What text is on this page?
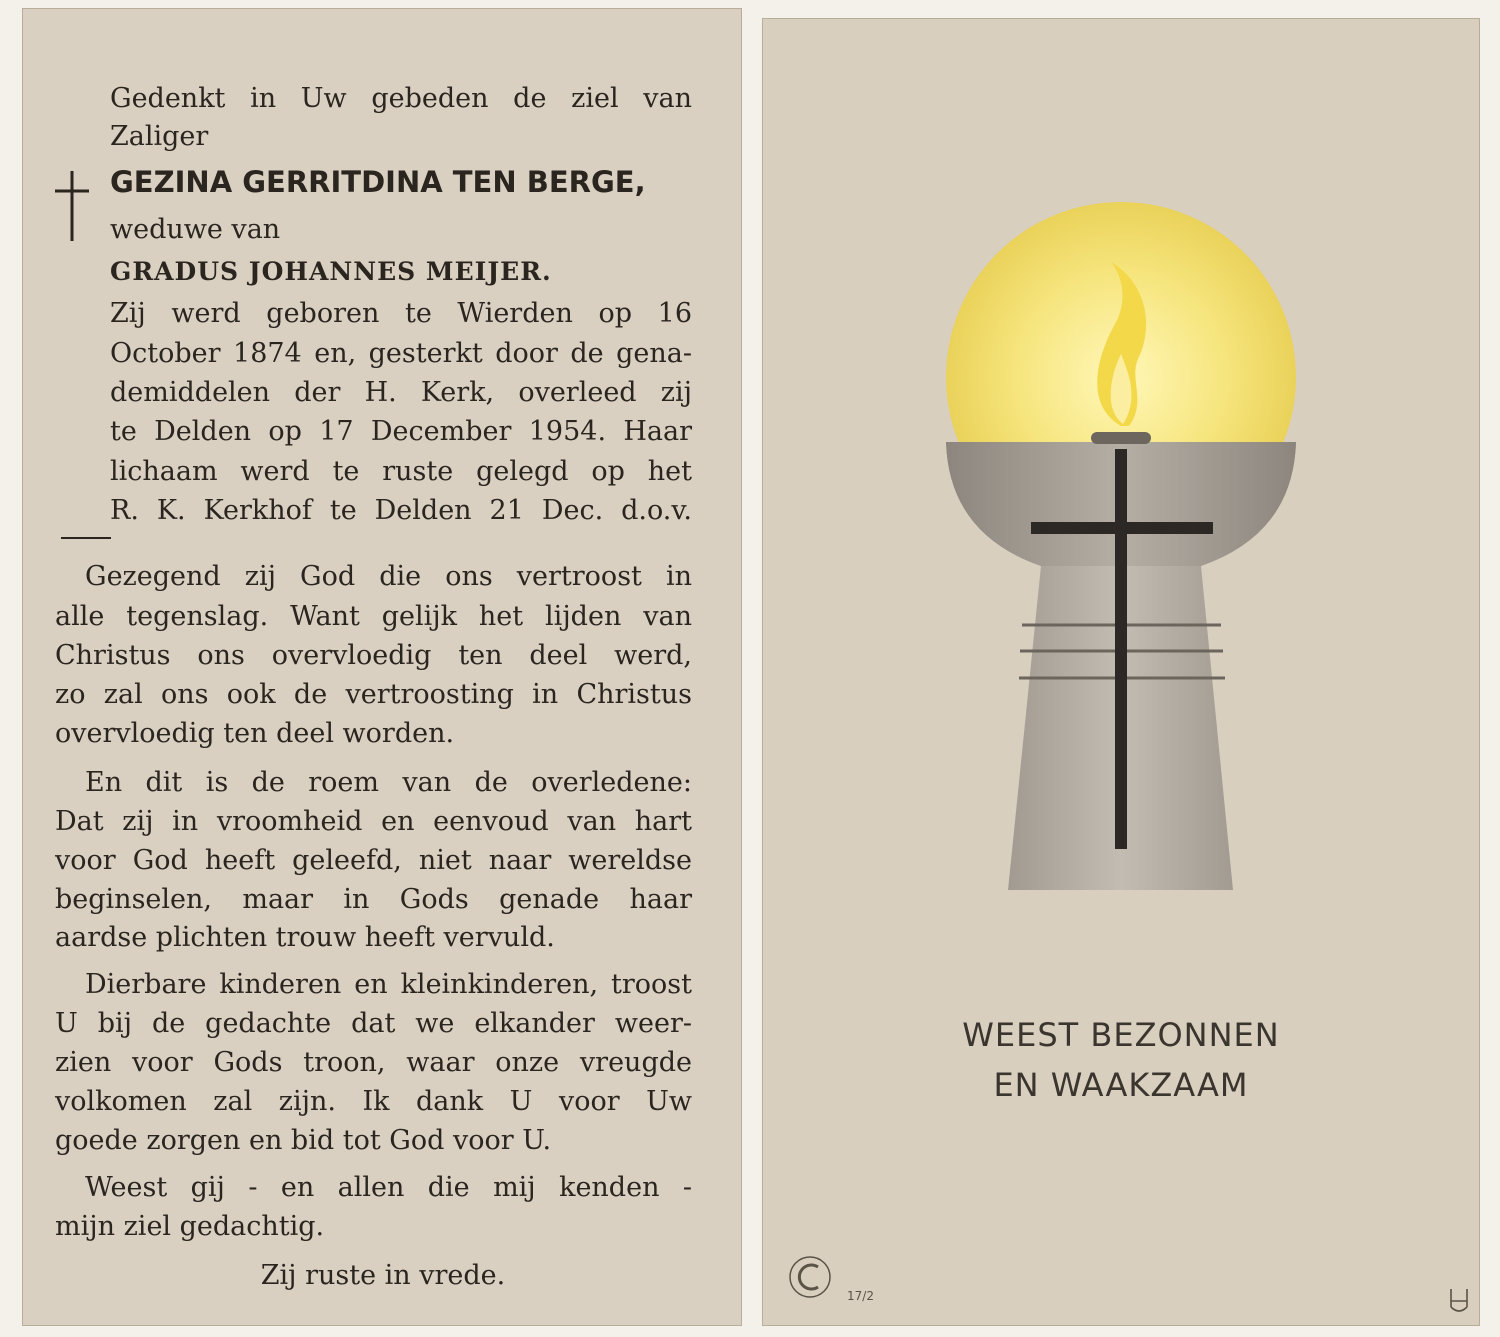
Gedenkt in Uw gebeden de ziel van

Zaliger

GEZINA GERRITDINA TEN BERGE,

weduwe van

GRADUS JOHANNES MEIJER.

Zij werd geboren te Wierden op 16

October 1874 en, gesterkt door de gena-

demiddelen der H. Kerk, overleed zij

te Delden op 17 December 1954. Haar

lichaam werd te ruste gelegd op het

R. K. Kerkhof te Delden 21 Dec. d.o.v.

Gezegend zij God die ons vertroost in

alle tegenslag. Want gelijk het lijden van

Christus ons overvloedig ten deel werd,

zo zal ons ook de vertroosting in Christus

overvloedig ten deel worden.

En dit is de roem van de overledene:

Dat zij in vroomheid en eenvoud van hart

voor God heeft geleefd, niet naar wereldse

beginselen, maar in Gods genade haar

aardse plichten trouw heeft vervuld.

Dierbare kinderen en kleinkinderen, troost

U bij de gedachte dat we elkander weer-

zien voor Gods troon, waar onze vreugde

volkomen zal zijn. Ik dank U voor Uw

goede zorgen en bid tot God voor U.

Weest gij - en allen die mij kenden -

mijn ziel gedachtig.

Zij ruste in vrede.

WEEST BEZONNEN

EN WAAKZAAM

17/2
